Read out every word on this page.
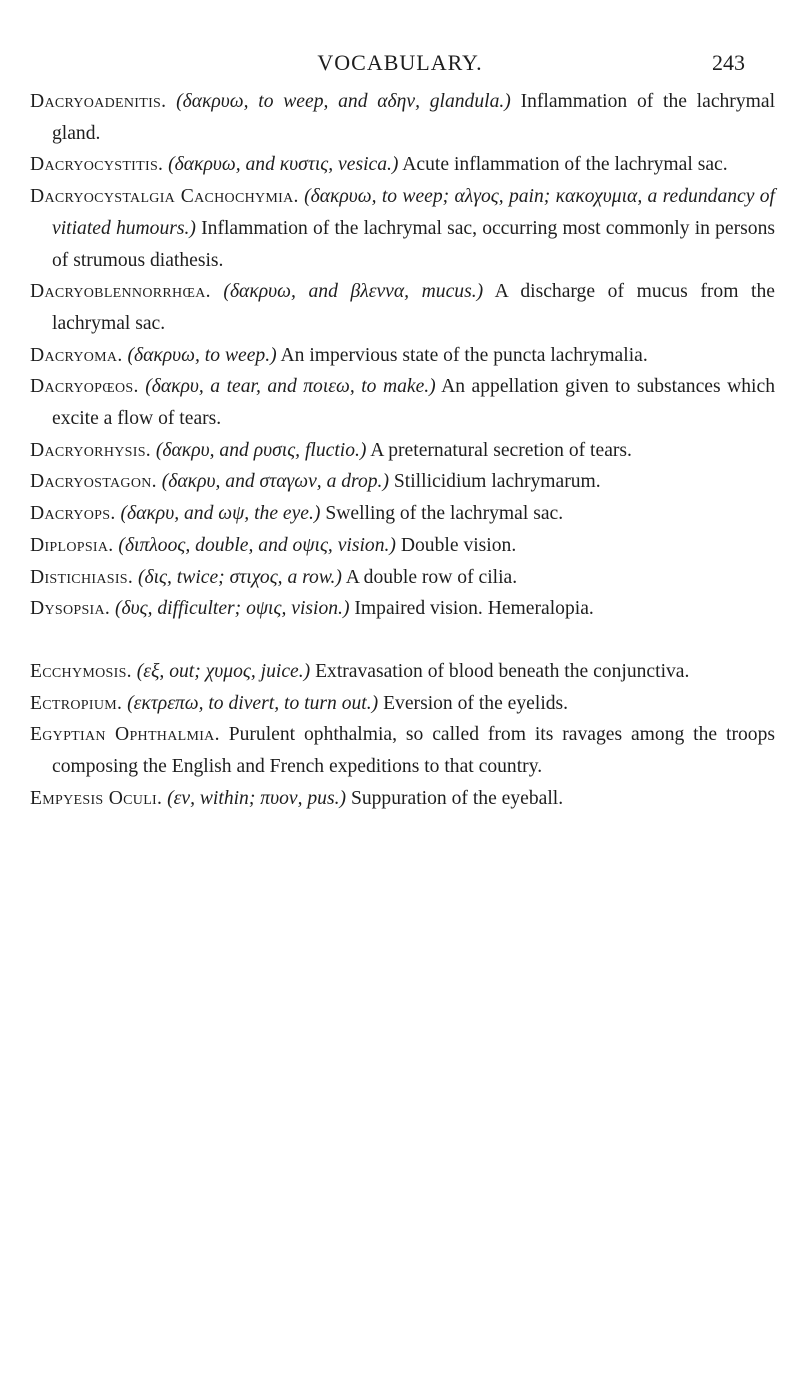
VOCABULARY.	243

Dacryoadenitis. (δακρυω, to weep, and αδην, glandula.) Inflammation of the lachrymal gland.

Dacryocystitis. (δακρυω, and κυστις, vesica.) Acute inflammation of the lachrymal sac.

Dacryocystalgia Cachochymia. (δακρυω, to weep; αλγος, pain; κακοχυμια, a redundancy of vitiated humours.) Inflammation of the lachrymal sac, occurring most commonly in persons of strumous diathesis.

Dacryoblennorrhœa. (δακρυω, and βλεννα, mucus.) A discharge of mucus from the lachrymal sac.

Dacryoma. (δακρυω, to weep.) An impervious state of the puncta lachrymalia.

Dacryopœos. (δακρυ, a tear, and ποιεω, to make.) An appellation given to substances which excite a flow of tears.

Dacryorhysis. (δακρυ, and ρυσις, fluctio.) A preternatural secretion of tears.

Dacryostagon. (δακρυ, and σταγων, a drop.) Stillicidium lachrymarum.

Dacryops. (δακρυ, and ωψ, the eye.) Swelling of the lachrymal sac.

Diplopsia. (διπλοος, double, and οψις, vision.) Double vision.

Distichiasis. (δις, twice; στιχος, a row.) A double row of cilia.

Dysopsia. (δυς, difficulter; οψις, vision.) Impaired vision. Hemeralopia.

Ecchymosis. (εξ, out; χυμος, juice.) Extravasation of blood beneath the conjunctiva.

Ectropium. (εκτρεπω, to divert, to turn out.) Eversion of the eyelids.

Egyptian Ophthalmia. Purulent ophthalmia, so called from its ravages among the troops composing the English and French expeditions to that country.

Empyesis Oculi. (εν, within; πυον, pus.) Suppuration of the eyeball.
